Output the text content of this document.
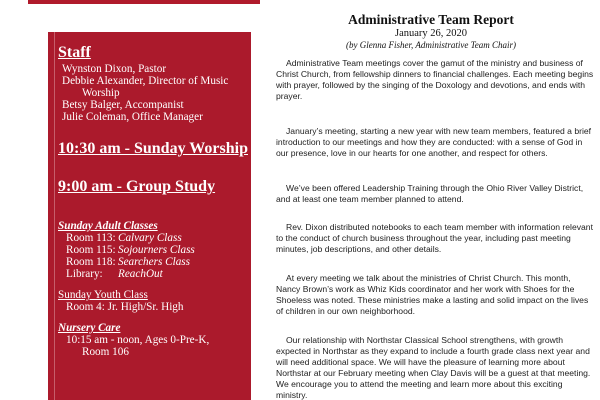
Staff
Wynston Dixon, Pastor
Debbie Alexander, Director of Music
Worship
Betsy Balger, Accompanist
Julie Coleman, Office Manager
10:30 am - Sunday Worship
9:00 am - Group Study
Sunday Adult Classes
Room 113: Calvary Class
Room 115: Sojourners Class
Room 118: Searchers Class
Library: ReachOut
Sunday Youth Class
Room 4: Jr. High/Sr. High
Nursery Care
10:15 am - noon, Ages 0-Pre-K,
Room 106
Administrative Team Report
January 26, 2020
(by Glenna Fisher, Administrative Team Chair)

Administrative Team meetings cover the gamut of the ministry and business of Christ Church, from fellowship dinners to financial challenges. Each meeting begins with prayer, followed by the singing of the Doxology and devotions, and ends with prayer.

January’s meeting, starting a new year with new team members, featured a brief introduction to our meetings and how they are conducted: with a sense of God in our presence, love in our hearts for one another, and respect for others.

We’ve been offered Leadership Training through the Ohio River Valley District, and at least one team member planned to attend.

Rev. Dixon distributed notebooks to each team member with information relevant to the conduct of church business throughout the year, including past meeting minutes, job descriptions, and other details.

At every meeting we talk about the ministries of Christ Church. This month, Nancy Brown’s work as Whiz Kids coordinator and her work with Shoes for the Shoeless was noted. These ministries make a lasting and solid impact on the lives of children in our own neighborhood.

Our relationship with Northstar Classical School strengthens, with growth expected in Northstar as they expand to include a fourth grade class next year and will need additional space. We will have the pleasure of learning more about Northstar at our February meeting when Clay Davis will be a guest at that meeting. We encourage you to attend the meeting and learn more about this exciting ministry.
